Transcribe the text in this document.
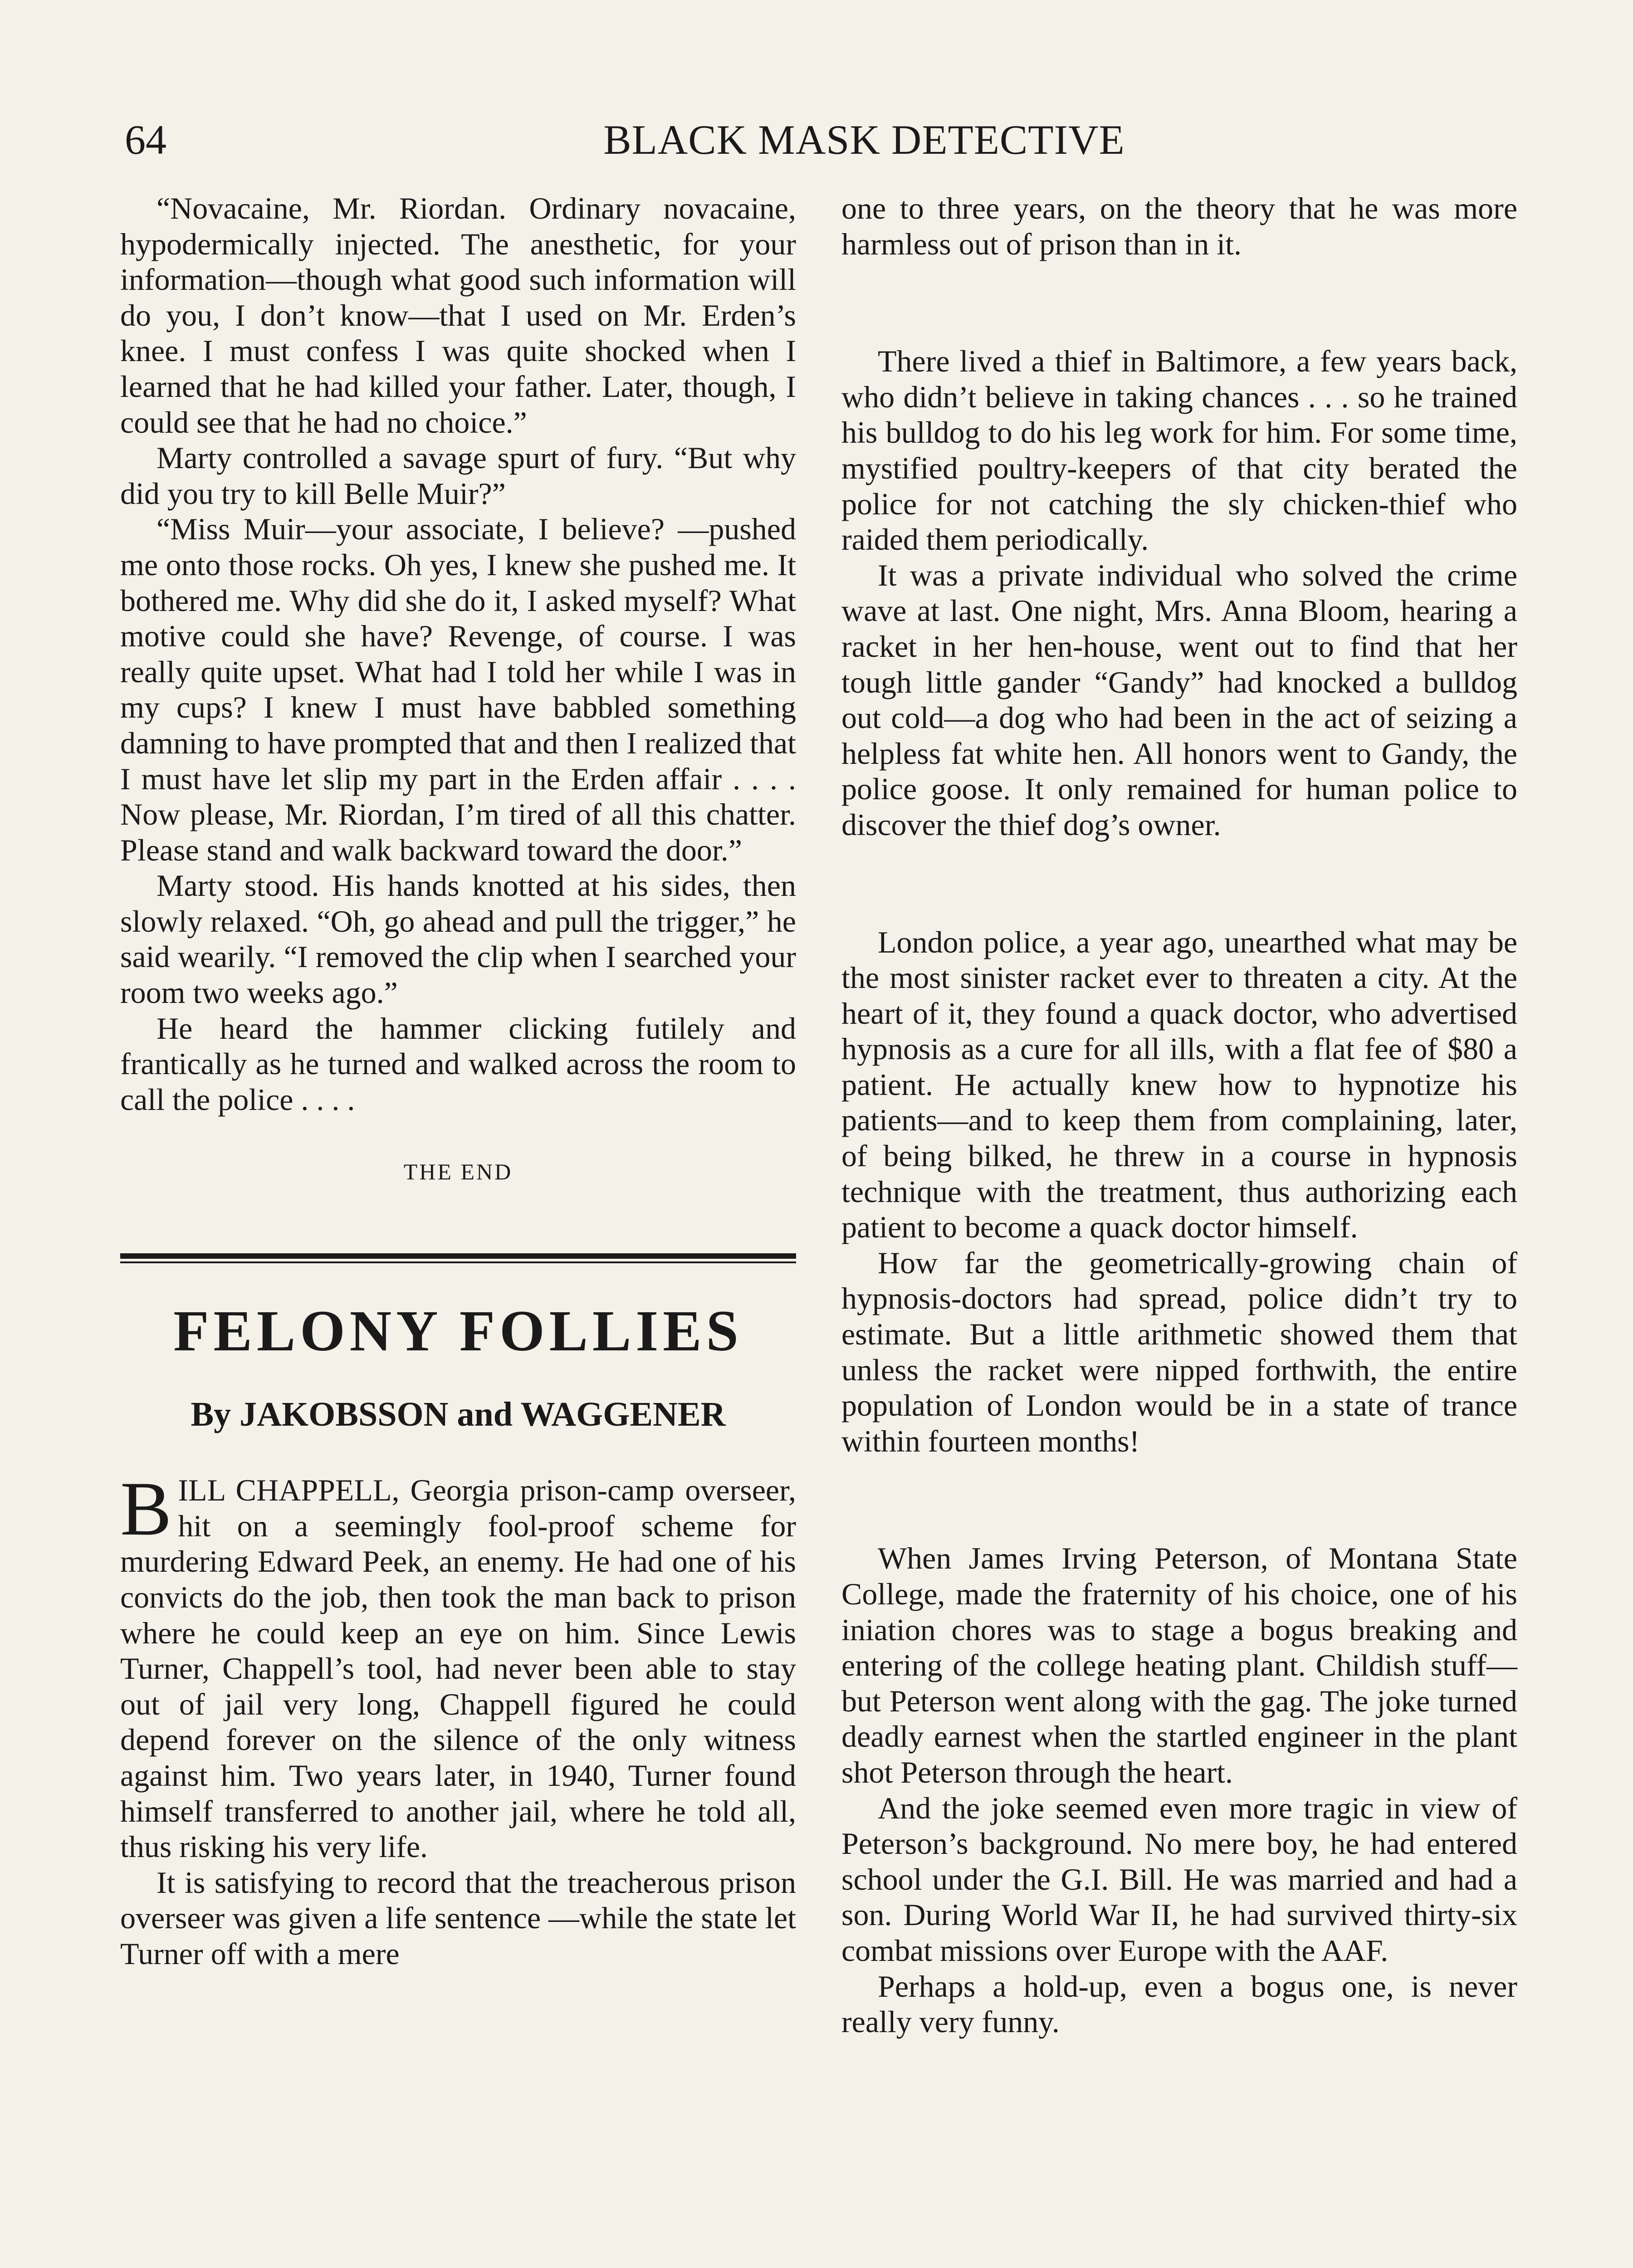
64	BLACK MASK DETECTIVE

“Novacaine, Mr. Riordan. Ordinary novacaine, hypodermically injected. The anesthetic, for your information—though what good such information will do you, I don’t know—that I used on Mr. Erden’s knee. I must confess I was quite shocked when I learned that he had killed your father. Later, though, I could see that he had no choice.”

Marty controlled a savage spurt of fury. “But why did you try to kill Belle Muir?”

“Miss Muir—your associate, I believe? —pushed me onto those rocks. Oh yes, I knew she pushed me. It bothered me. Why did she do it, I asked myself? What motive could she have? Revenge, of course. I was really quite upset. What had I told her while I was in my cups? I knew I must have babbled something damning to have prompted that and then I realized that I must have let slip my part in the Erden affair . . . . Now please, Mr. Riordan, I’m tired of all this chatter. Please stand and walk backward toward the door.”

Marty stood. His hands knotted at his sides, then slowly relaxed. “Oh, go ahead and pull the trigger,” he said wearily. “I removed the clip when I searched your room two weeks ago.”

He heard the hammer clicking futilely and frantically as he turned and walked across the room to call the police . . . .

THE END
FELONY FOLLIES
By JAKOBSSON and WAGGENER

BILL CHAPPELL, Georgia prison-camp overseer, hit on a seemingly fool-proof scheme for murdering Edward Peek, an enemy. He had one of his convicts do the job, then took the man back to prison where he could keep an eye on him. Since Lewis Turner, Chappell’s tool, had never been able to stay out of jail very long, Chappell figured he could depend forever on the silence of the only witness against him. Two years later, in 1940, Turner found himself transferred to another jail, where he told all, thus risking his very life.

It is satisfying to record that the treacherous prison overseer was given a life sentence —while the state let Turner off with a mere

one to three years, on the theory that he was more harmless out of prison than in it.

There lived a thief in Baltimore, a few years back, who didn’t believe in taking chances . . . so he trained his bulldog to do his leg work for him. For some time, mystified poultry-keepers of that city berated the police for not catching the sly chicken-thief who raided them periodically.

It was a private individual who solved the crime wave at last. One night, Mrs. Anna Bloom, hearing a racket in her hen-house, went out to find that her tough little gander “Gandy” had knocked a bulldog out cold—a dog who had been in the act of seizing a helpless fat white hen. All honors went to Gandy, the police goose. It only remained for human police to discover the thief dog’s owner.

London police, a year ago, unearthed what may be the most sinister racket ever to threaten a city. At the heart of it, they found a quack doctor, who advertised hypnosis as a cure for all ills, with a flat fee of $80 a patient. He actually knew how to hypnotize his patients—and to keep them from complaining, later, of being bilked, he threw in a course in hypnosis technique with the treatment, thus authorizing each patient to become a quack doctor himself.

How far the geometrically-growing chain of hypnosis-doctors had spread, police didn’t try to estimate. But a little arithmetic showed them that unless the racket were nipped forthwith, the entire population of London would be in a state of trance within fourteen months!

When James Irving Peterson, of Montana State College, made the fraternity of his choice, one of his iniation chores was to stage a bogus breaking and entering of the college heating plant. Childish stuff—but Peterson went along with the gag. The joke turned deadly earnest when the startled engineer in the plant shot Peterson through the heart.

And the joke seemed even more tragic in view of Peterson’s background. No mere boy, he had entered school under the G.I. Bill. He was married and had a son. During World War II, he had survived thirty-six combat missions over Europe with the AAF.

Perhaps a hold-up, even a bogus one, is never really very funny.
